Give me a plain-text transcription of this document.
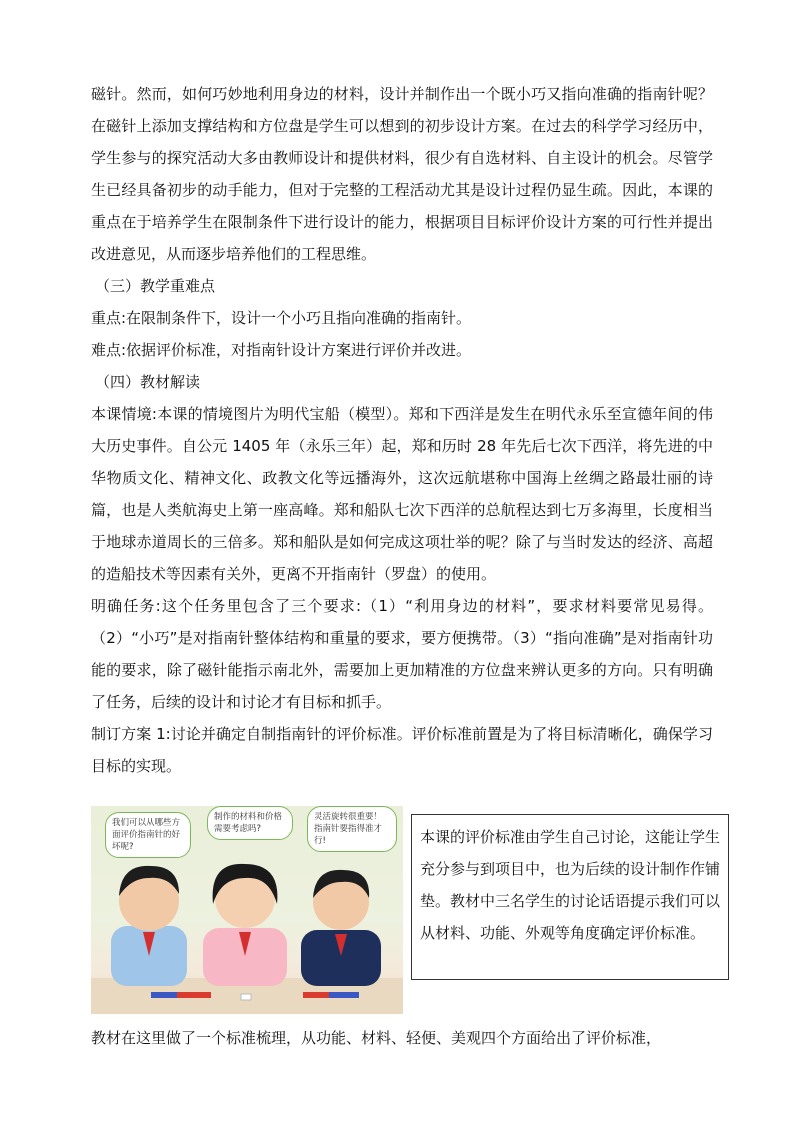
磁针。然而，如何巧妙地利用身边的材料，设计并制作出一个既小巧又指向准确的指南针呢？在磁针上添加支撑结构和方位盘是学生可以想到的初步设计方案。在过去的科学学习经历中，学生参与的探究活动大多由教师设计和提供材料，很少有自选材料、自主设计的机会。尽管学生已经具备初步的动手能力，但对于完整的工程活动尤其是设计过程仍显生疏。因此，本课的重点在于培养学生在限制条件下进行设计的能力，根据项目目标评价设计方案的可行性并提出改进意见，从而逐步培养他们的工程思维。

（三）教学重难点

重点:在限制条件下，设计一个小巧且指向准确的指南针。

难点:依据评价标准，对指南针设计方案进行评价并改进。

（四）教材解读

本课情境:本课的情境图片为明代宝船（模型）。郑和下西洋是发生在明代永乐至宣德年间的伟大历史事件。自公元 1405 年（永乐三年）起，郑和历时 28 年先后七次下西洋，将先进的中华物质文化、精神文化、政教文化等远播海外，这次远航堪称中国海上丝绸之路最壮丽的诗篇，也是人类航海史上第一座高峰。郑和船队七次下西洋的总航程达到七万多海里，长度相当于地球赤道周长的三倍多。郑和船队是如何完成这项壮举的呢？除了与当时发达的经济、高超的造船技术等因素有关外，更离不开指南针（罗盘）的使用。

明确任务:这个任务里包含了三个要求:（1）“利用身边的材料”，要求材料要常见易得。（2）“小巧”是对指南针整体结构和重量的要求，要方便携带。（3）“指向准确”是对指南针功能的要求，除了磁针能指示南北外，需要加上更加精准的方位盘来辨认更多的方向。只有明确了任务，后续的设计和讨论才有目标和抓手。

制订方案 1:讨论并确定自制指南针的评价标准。评价标准前置是为了将目标清晰化，确保学习目标的实现。

我们可以从哪些方面评价指南针的好坏呢?
制作的材料和价格需要考虑吗?
灵活旋转很重要！指南针要指得准才行!	本课的评价标准由学生自己讨论，这能让学生充分参与到项目中，也为后续的设计制作作铺垫。教材中三名学生的讨论话语提示我们可以从材料、功能、外观等角度确定评价标准。

教材在这里做了一个标准梳理，从功能、材料、轻便、美观四个方面给出了评价标准，
